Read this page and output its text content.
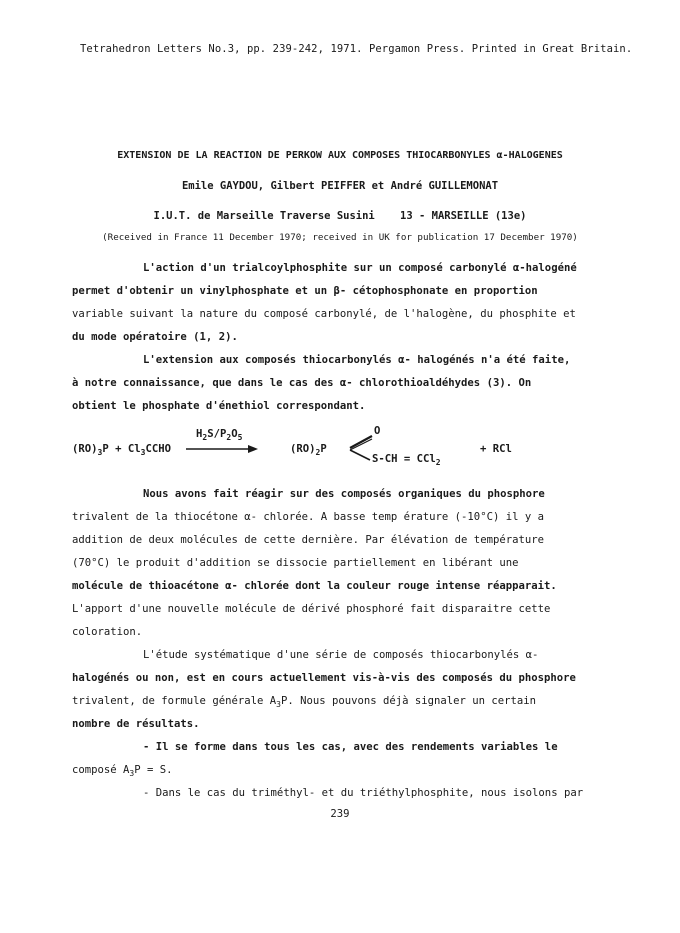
Tetrahedron Letters No.3, pp. 239-242, 1971. Pergamon Press. Printed in Great Britain.
EXTENSION DE LA REACTION DE PERKOW AUX COMPOSES THIOCARBONYLES α-HALOGENES
Emile GAYDOU, Gilbert PEIFFER et André GUILLEMONAT
I.U.T. de Marseille Traverse Susini    13 - MARSEILLE (13e)
(Received in France 11 December 1970; received in UK for publication 17 December 1970)
L'action d'un trialcoylphosphite sur un composé carbonylé α-halogéné
permet d'obtenir un vinylphosphate et un β- cétophosphonate en proportion
variable suivant la nature du composé carbonylé, de l'halogène, du phosphite et
du mode opératoire (1, 2).
L'extension aux composés thiocarbonylés α- halogénés n'a été faite,
à notre connaissance, que dans le cas des α- chlorothioaldéhydes (3). On
obtient le phosphate d'énethiol correspondant.
$(RO)_3P$ + $Cl_3CCHO$
$H_2S/P_2O_5$
$(RO)_2P$
O
S-CH = CCl$_2$
+ RCl
Nous avons fait réagir sur des composés organiques du phosphore
trivalent de la thiocétone α- chlorée. A basse temp érature (-10°C) il y a
addition de deux molécules de cette dernière. Par élévation de température
(70°C) le produit d'addition se dissocie partiellement en libérant une
molécule de thioacétone α- chlorée dont la couleur rouge intense réapparait.
L'apport d'une nouvelle molécule de dérivé phosphoré fait disparaitre cette
coloration.
L'étude systématique d'une série de composés thiocarbonylés α-
halogénés ou non, est en cours actuellement vis-à-vis des composés du phosphore
trivalent, de formule générale $A_3P$. Nous pouvons déjà signaler un certain
nombre de résultats.
- Il se forme dans tous les cas, avec des rendements variables le
composé $A_3P = S$.
- Dans le cas du triméthyl- et du triéthylphosphite, nous isolons par
239
